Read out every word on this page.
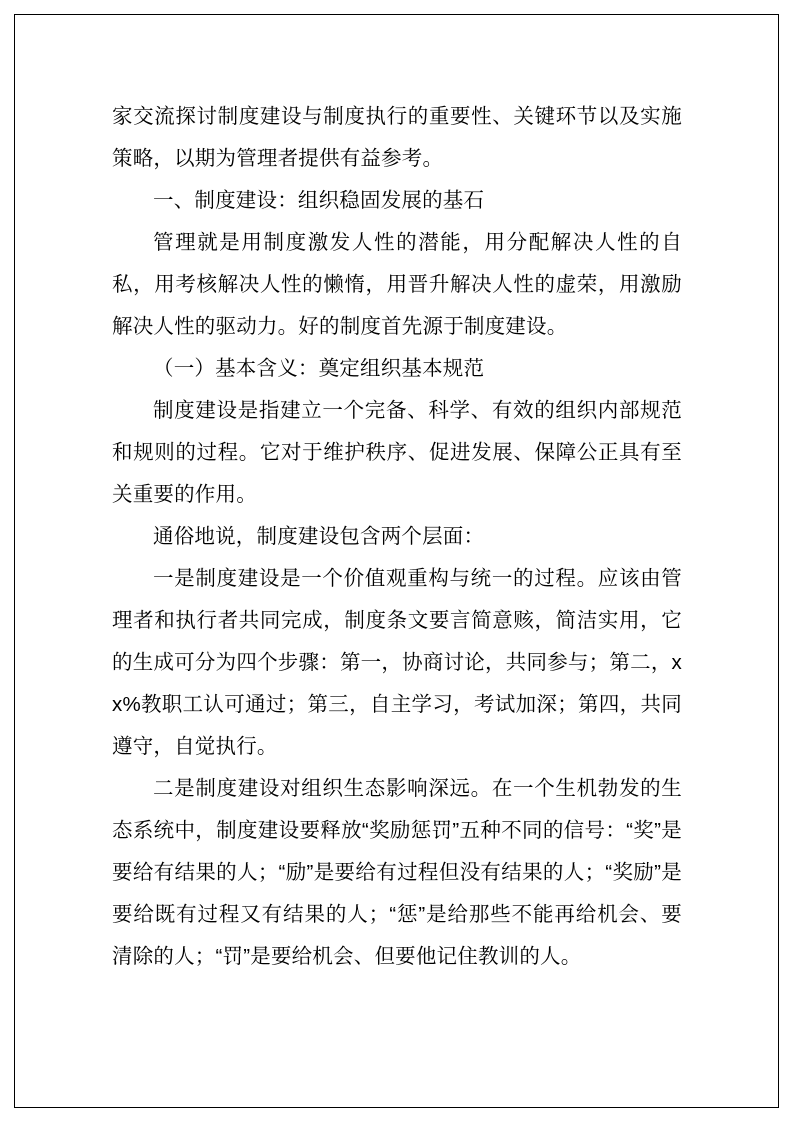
家交流探讨制度建设与制度执行的重要性、关键环节以及实施策略，以期为管理者提供有益参考。

一、制度建设：组织稳固发展的基石

管理就是用制度激发人性的潜能，用分配解决人性的自私，用考核解决人性的懒惰，用晋升解决人性的虚荣，用激励解决人性的驱动力。好的制度首先源于制度建设。

（一）基本含义：奠定组织基本规范

制度建设是指建立一个完备、科学、有效的组织内部规范和规则的过程。它对于维护秩序、促进发展、保障公正具有至关重要的作用。

通俗地说，制度建设包含两个层面：

一是制度建设是一个价值观重构与统一的过程。应该由管理者和执行者共同完成，制度条文要言简意赅，简洁实用，它的生成可分为四个步骤：第一，协商讨论，共同参与；第二，xx%教职工认可通过；第三，自主学习，考试加深；第四，共同遵守，自觉执行。

二是制度建设对组织生态影响深远。在一个生机勃发的生态系统中，制度建设要释放“奖励惩罚”五种不同的信号：“奖”是要给有结果的人；“励”是要给有过程但没有结果的人；“奖励”是要给既有过程又有结果的人；“惩”是给那些不能再给机会、要清除的人；“罚”是要给机会、但要他记住教训的人。
